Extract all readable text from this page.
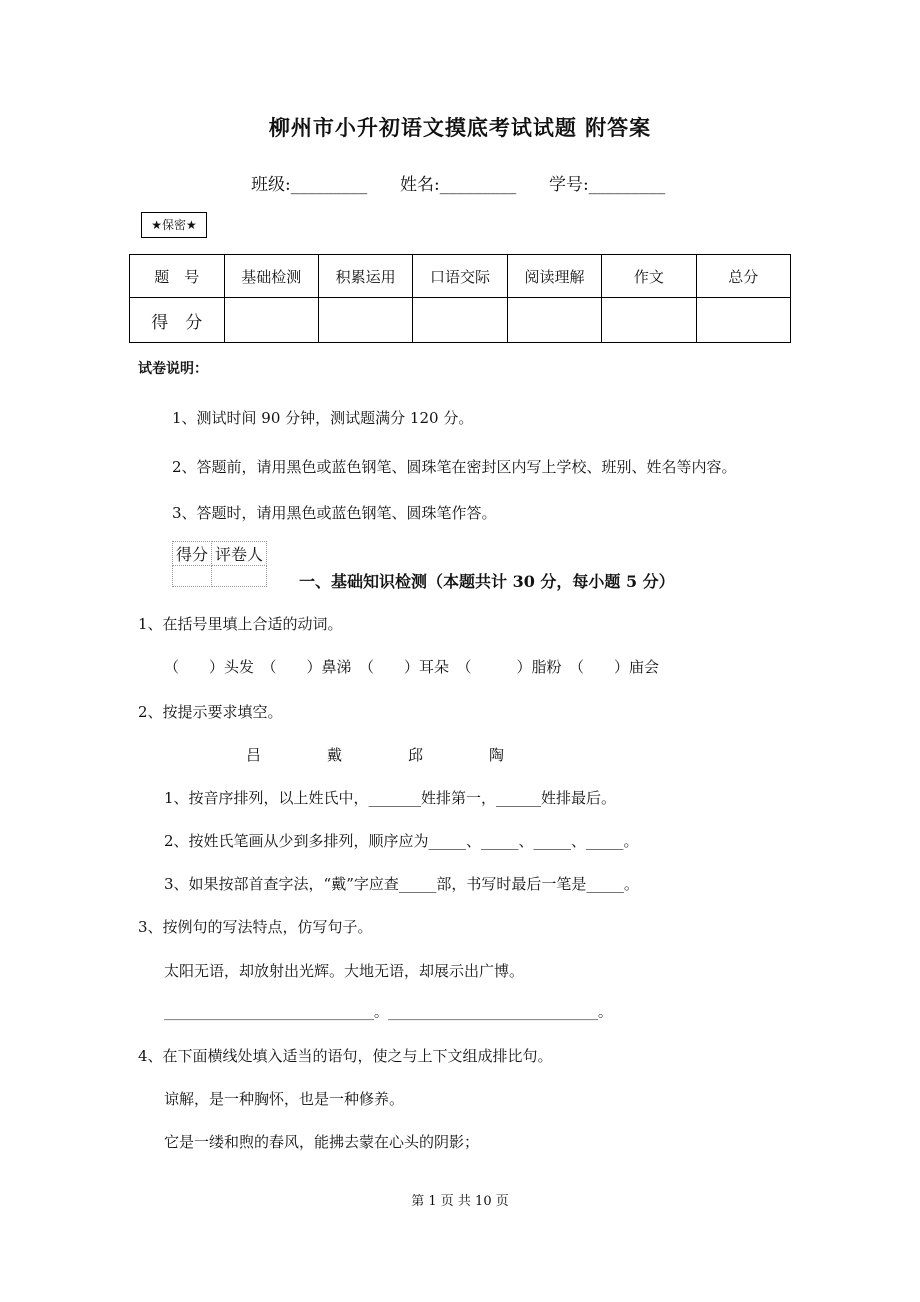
柳州市小升初语文摸底考试试题 附答案
班级:_________ 姓名:_________ 学号:_________
★保密★
题　号	基础检测	积累运用	口语交际	阅读理解	作文	总分
得　分						
试卷说明：
1、测试时间 90 分钟，测试题满分 120 分。
2、答题前，请用黑色或蓝色钢笔、圆珠笔在密封区内写上学校、班别、姓名等内容。
3、答题时，请用黑色或蓝色钢笔、圆珠笔作答。
得分	评卷人

一、基础知识检测（本题共计 30 分，每小题 5 分）
1、在括号里填上合适的动词。
（　　）头发　（　　）鼻涕　（　　）耳朵　（　　　）脂粉　（　　）庙会
2、按提示要求填空。
吕	戴	邱	陶
1、按音序排列，以上姓氏中，_______姓排第一，______姓排最后。
2、按姓氏笔画从少到多排列，顺序应为_____、_____、_____、_____。
3、如果按部首查字法，“戴”字应查_____部，书写时最后一笔是_____。
3、按例句的写法特点，仿写句子。
太阳无语，却放射出光辉。大地无语，却展示出广博。
______________________________。______________________________。
4、在下面横线处填入适当的语句，使之与上下文组成排比句。
谅解，是一种胸怀，也是一种修养。
它是一缕和煦的春风，能拂去蒙在心头的阴影；
第 1 页 共 10 页
